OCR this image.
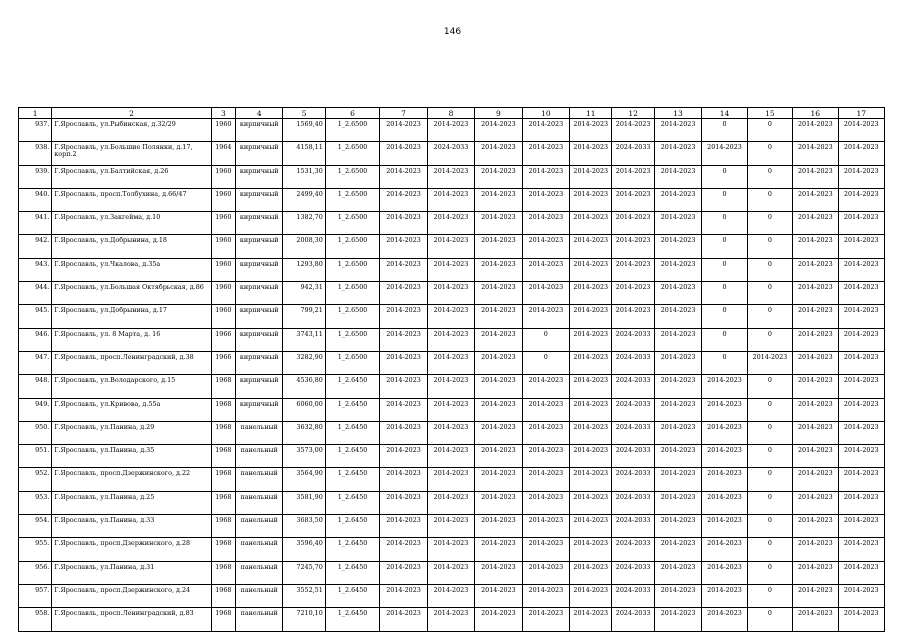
146
1	2	3	4	5	6	7	8	9	10	11	12	13	14	15	16	17
937.	Г.Ярославль, ул.Рыбинская, д.32/29	1960	кирпичный	1569,40	1_2.6500	2014-2023	2014-2023	2014-2023	2014-2023	2014-2023	2014-2023	2014-2023	0	0	2014-2023	2014-2023
938.	Г.Ярославль, ул.Большие Полянки, д.17, корп.2	1964	кирпичный	4158,11	1_2.6500	2014-2023	2024-2033	2014-2023	2014-2023	2014-2023	2024-2033	2014-2023	2014-2023	0	2014-2023	2014-2023
939.	Г.Ярославль, ул.Балтийская, д.26	1960	кирпичный	1531,30	1_2.6500	2014-2023	2014-2023	2014-2023	2014-2023	2014-2023	2014-2023	2014-2023	0	0	2014-2023	2014-2023
940.	Г.Ярославль, просп.Толбухина, д.66/47	1960	кирпичный	2499,40	1_2.6500	2014-2023	2014-2023	2014-2023	2014-2023	2014-2023	2014-2023	2014-2023	0	0	2014-2023	2014-2023
941.	Г.Ярославль, ул.Закгейма, д.10	1960	кирпичный	1382,70	1_2.6500	2014-2023	2014-2023	2014-2023	2014-2023	2014-2023	2014-2023	2014-2023	0	0	2014-2023	2014-2023
942.	Г.Ярославль, ул.Добрынина, д.18	1960	кирпичный	2008,30	1_2.6500	2014-2023	2014-2023	2014-2023	2014-2023	2014-2023	2014-2023	2014-2023	0	0	2014-2023	2014-2023
943.	Г.Ярославль, ул.Чкалова, д.35а	1960	кирпичный	1293,80	1_2.6500	2014-2023	2014-2023	2014-2023	2014-2023	2014-2023	2014-2023	2014-2023	0	0	2014-2023	2014-2023
944.	Г.Ярославль, ул.Большая Октябрьская, д.86	1960	кирпичный	942,31	1_2.6500	2014-2023	2014-2023	2014-2023	2014-2023	2014-2023	2014-2023	2014-2023	0	0	2014-2023	2014-2023
945.	Г.Ярославль, ул.Добрынина, д.17	1960	кирпичный	799,21	1_2.6500	2014-2023	2014-2023	2014-2023	2014-2023	2014-2023	2014-2023	2014-2023	0	0	2014-2023	2014-2023
946.	Г.Ярославль, ул. 8 Марта, д. 16	1966	кирпичный	3743,11	1_2.6500	2014-2023	2014-2023	2014-2023	0	2014-2023	2024-2033	2014-2023	0	0	2014-2023	2014-2023
947.	Г.Ярославль, просп.Ленинградский, д.38	1966	кирпичный	3282,90	1_2.6500	2014-2023	2014-2023	2014-2023	0	2014-2023	2024-2033	2014-2023	0	2014-2023	2014-2023	2014-2023
948.	Г.Ярославль, ул.Володарского, д.15	1968	кирпичный	4536,80	1_2.6450	2014-2023	2014-2023	2014-2023	2014-2023	2014-2023	2024-2033	2014-2023	2014-2023	0	2014-2023	2014-2023
949.	Г.Ярославль, ул.Кривова, д.55а	1968	кирпичный	6060,00	1_2.6450	2014-2023	2014-2023	2014-2023	2014-2023	2014-2023	2024-2033	2014-2023	2014-2023	0	2014-2023	2014-2023
950.	Г.Ярославль, ул.Панина, д.29	1968	панельный	3632,80	1_2.6450	2014-2023	2014-2023	2014-2023	2014-2023	2014-2023	2024-2033	2014-2023	2014-2023	0	2014-2023	2014-2023
951.	Г.Ярославль, ул.Панина, д.35	1968	панельный	3573,00	1_2.6450	2014-2023	2014-2023	2014-2023	2014-2023	2014-2023	2024-2033	2014-2023	2014-2023	0	2014-2023	2014-2023
952.	Г.Ярославль, просп.Дзержинского, д.22	1968	панельный	3564,90	1_2.6450	2014-2023	2014-2023	2014-2023	2014-2023	2014-2023	2024-2033	2014-2023	2014-2023	0	2014-2023	2014-2023
953.	Г.Ярославль, ул.Панина, д.25	1968	панельный	3581,90	1_2.6450	2014-2023	2014-2023	2014-2023	2014-2023	2014-2023	2024-2033	2014-2023	2014-2023	0	2014-2023	2014-2023
954.	Г.Ярославль, ул.Панина, д.33	1968	панельный	3683,50	1_2.6450	2014-2023	2014-2023	2014-2023	2014-2023	2014-2023	2024-2033	2014-2023	2014-2023	0	2014-2023	2014-2023
955.	Г.Ярославль, просп.Дзержинского, д.28	1968	панельный	3596,40	1_2.6450	2014-2023	2014-2023	2014-2023	2014-2023	2014-2023	2024-2033	2014-2023	2014-2023	0	2014-2023	2014-2023
956.	Г.Ярославль, ул.Панина, д.31	1968	панельный	7245,70	1_2.6450	2014-2023	2014-2023	2014-2023	2014-2023	2014-2023	2024-2033	2014-2023	2014-2023	0	2014-2023	2014-2023
957.	Г.Ярославль, просп.Дзержинского, д.24	1968	панельный	3552,51	1_2.6450	2014-2023	2014-2023	2014-2023	2014-2023	2014-2023	2024-2033	2014-2023	2014-2023	0	2014-2023	2014-2023
958.	Г.Ярославль, просп.Ленинградский, д.83	1968	панельный	7210,10	1_2.6450	2014-2023	2014-2023	2014-2023	2014-2023	2014-2023	2024-2033	2014-2023	2014-2023	0	2014-2023	2014-2023
